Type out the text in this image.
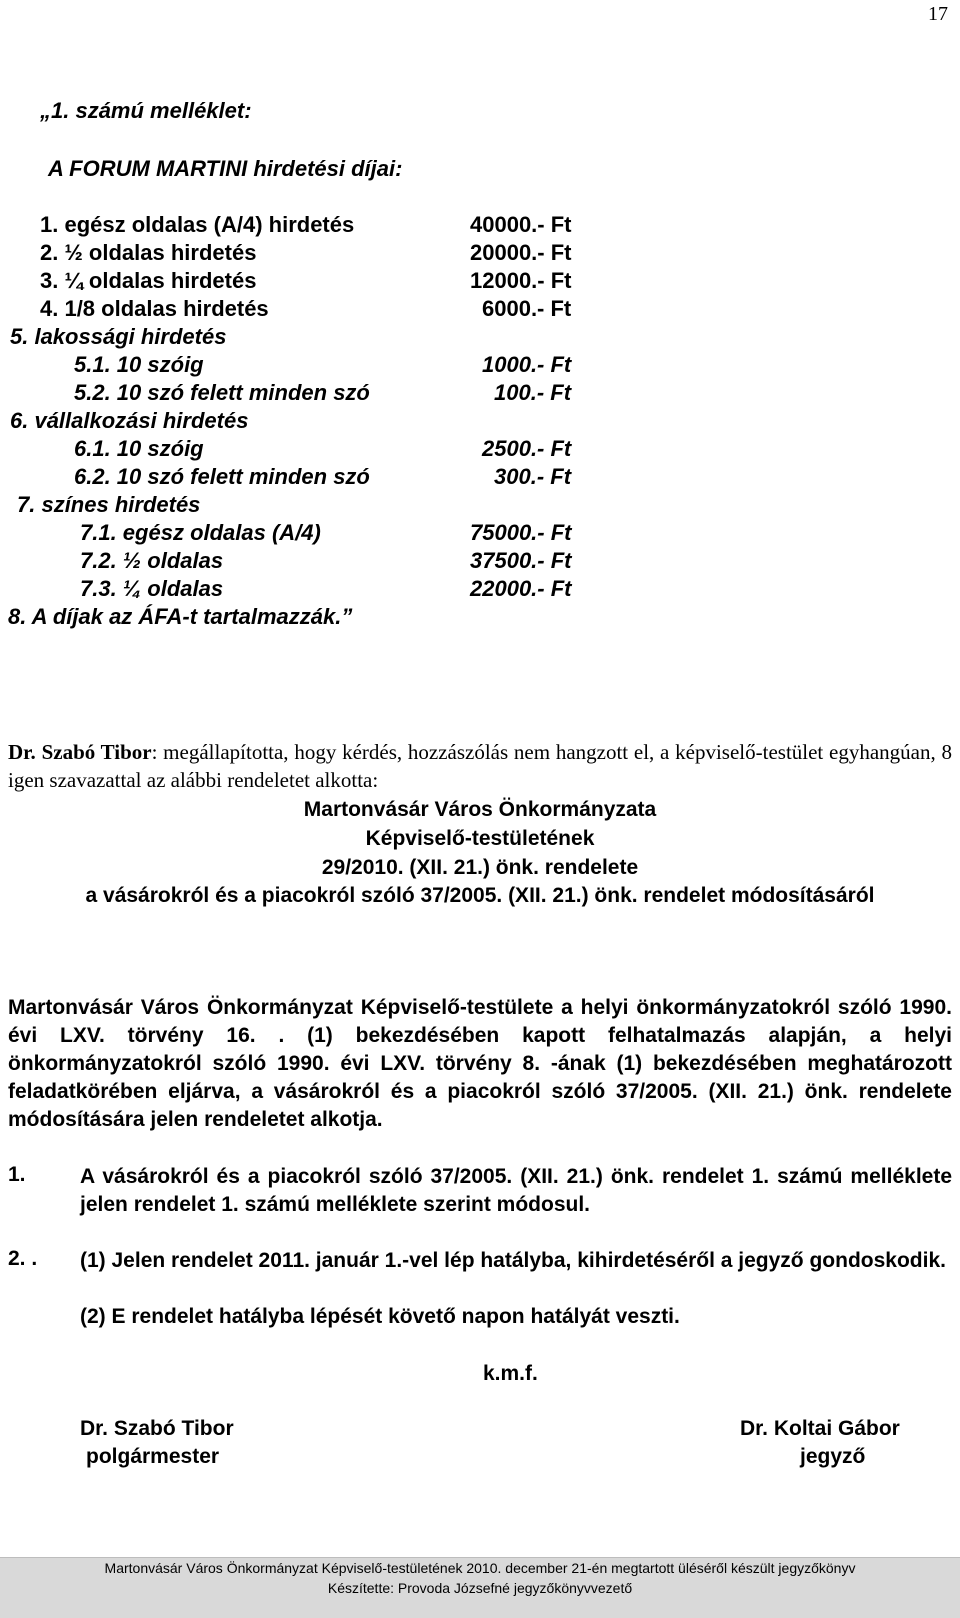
17
„1. számú melléklet:
A FORUM MARTINI hirdetési díjai:
1. egész oldalas (A/4) hirdetés	40000.- Ft
2. ½ oldalas hirdetés	20000.- Ft
3. ¼ oldalas hirdetés	12000.- Ft
4. 1/8 oldalas hirdetés	6000.- Ft
5. lakossági hirdetés
5.1. 10 szóig	1000.- Ft
5.2. 10 szó felett minden szó	100.- Ft
6. vállalkozási hirdetés
6.1. 10 szóig	2500.- Ft
6.2. 10 szó felett minden szó	300.- Ft
7. színes hirdetés
7.1. egész oldalas (A/4)	75000.- Ft
7.2. ½ oldalas	37500.- Ft
7.3. ¼ oldalas	22000.- Ft
8. A díjak az ÁFA-t tartalmazzák.”
Dr. Szabó Tibor: megállapította, hogy kérdés, hozzászólás nem hangzott el, a képviselő-testület egyhangúan, 8 igen szavazattal az alábbi rendeletet alkotta:
Martonvásár Város Önkormányzata
Képviselő-testületének
29/2010. (XII. 21.) önk. rendelete
a vásárokról és a piacokról szóló 37/2005. (XII. 21.) önk. rendelet módosításáról
Martonvásár Város Önkormányzat Képviselő-testülete a helyi önkormányzatokról szóló 1990. évi LXV. törvény 16. . (1) bekezdésében kapott felhatalmazás alapján, a helyi önkormányzatokról szóló 1990. évi LXV. törvény 8. -ának (1) bekezdésében meghatározott feladatkörében eljárva, a vásárokról és a piacokról szóló 37/2005. (XII. 21.) önk. rendelete módosítására jelen rendeletet alkotja.
1.	A vásárokról és a piacokról szóló 37/2005. (XII. 21.) önk. rendelet 1. számú melléklete jelen rendelet 1. számú melléklete szerint módosul.
2. . (1) Jelen rendelet 2011. január 1.-vel lép hatályba, kihirdetéséről a jegyző gondoskodik.
(2) E rendelet hatályba lépését követő napon hatályát veszti.
k.m.f.
Dr. Szabó Tibor
polgármester
Dr. Koltai Gábor
jegyző
Martonvásár Város Önkormányzat Képviselő-testületének 2010. december 21-én megtartott üléséről készült jegyzőkönyv
Készítette: Provoda Józsefné jegyzőkönyvvezető
